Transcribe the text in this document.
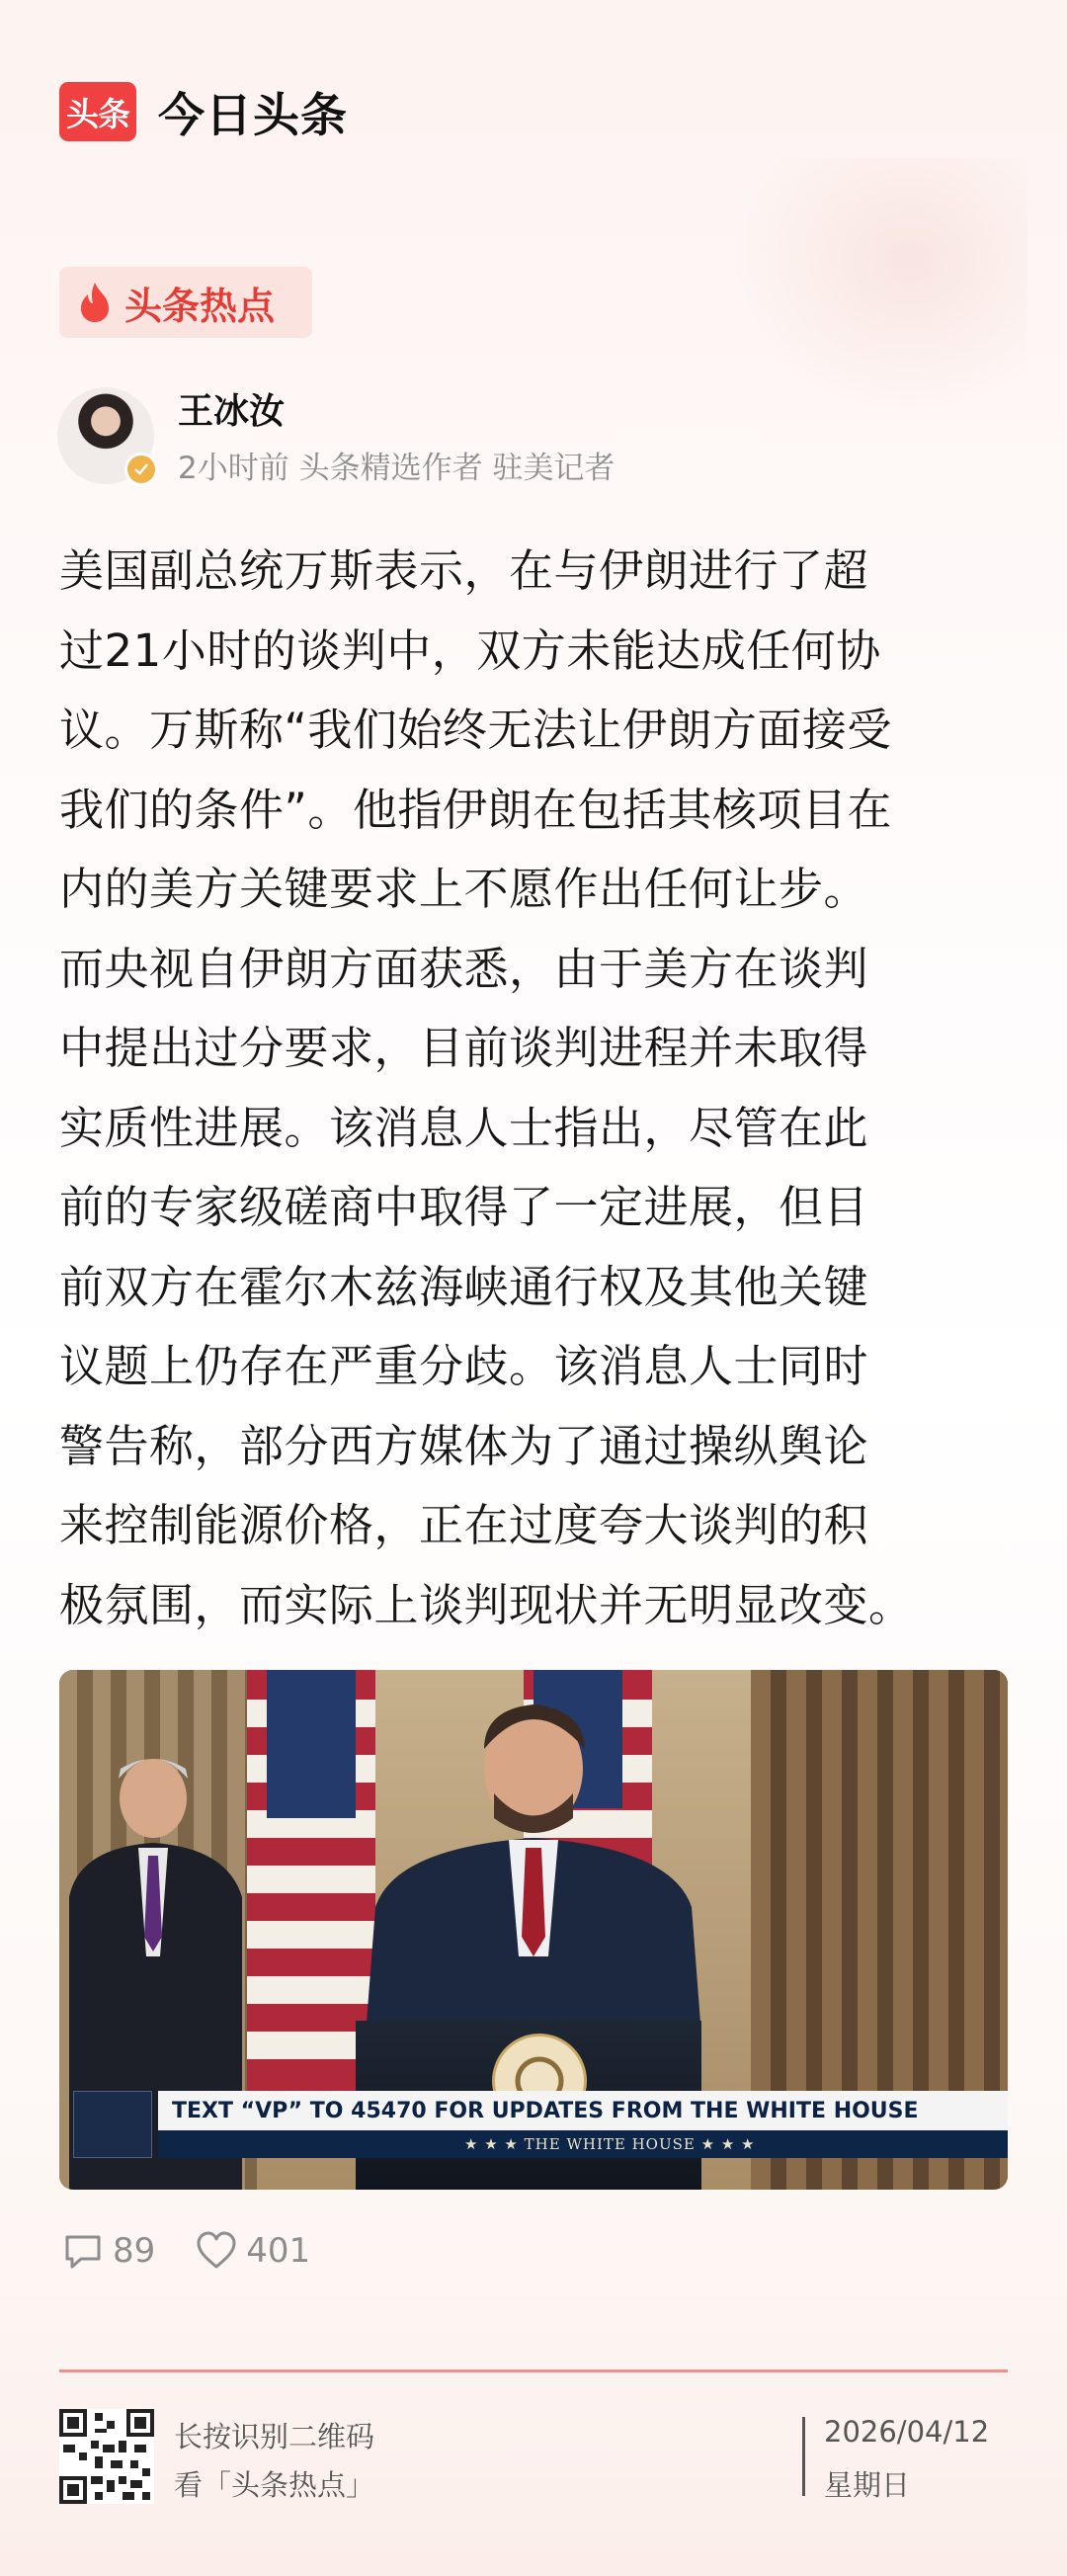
头条 今日头条
头条热点
王冰汝
2小时前 头条精选作者 驻美记者

美国副总统万斯表示，在与伊朗进行了超
过21小时的谈判中，双方未能达成任何协
议。万斯称“我们始终无法让伊朗方面接受
我们的条件”。他指伊朗在包括其核项目在
内的美方关键要求上不愿作出任何让步。
而央视自伊朗方面获悉，由于美方在谈判
中提出过分要求，目前谈判进程并未取得
实质性进展。该消息人士指出，尽管在此
前的专家级磋商中取得了一定进展，但目
前双方在霍尔木兹海峡通行权及其他关键
议题上仍存在严重分歧。该消息人士同时
警告称，部分西方媒体为了通过操纵舆论
来控制能源价格，正在过度夸大谈判的积
极氛围，而实际上谈判现状并无明显改变。

TEXT “VP” TO 45470 FOR UPDATES FROM THE WHITE HOUSE
★ ★ ★ THE WHITE HOUSE ★ ★ ★
89	401
长按识别二维码
看「头条热点」
2026/04/12
星期日
